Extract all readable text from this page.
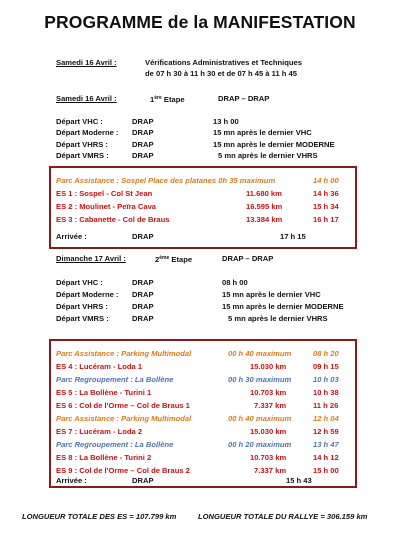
PROGRAMME de la MANIFESTATION
Samedi 16 Avril :	Vérifications Administratives et Techniques
de 07 h 30 à 11 h 30 et de 07 h 45 à 11 h 45
Samedi 16 Avril :	1ère Etape	DRAP – DRAP
Départ VHC :	DRAP	13 h 00
Départ Moderne : DRAP	15 mn après le dernier VHC
Départ VHRS :	DRAP	15 mn après le dernier MODERNE
Départ VMRS :	DRAP	5 mn après le dernier VHRS
Parc Assistance : Sospel Place des platanes 0h 35 maximum	14 h 00
ES 1 : Sospel - Col St Jean	11.680 km	14 h 36
ES 2 : Moulinet - Peïra Cava	16.595 km	15 h 34
ES 3 : Cabanette - Col de Braus	13.384 km	16 h 17
Arrivée :	DRAP	17 h 15
Dimanche 17 Avril :	2ème Etape	DRAP – DRAP
Départ VHC :	DRAP	08 h 00
Départ Moderne : DRAP	15 mn après le dernier VHC
Départ VHRS :	DRAP	15 mn après le dernier MODERNE
Départ VMRS :	DRAP	5 mn après le dernier VHRS
Parc Assistance : Parking Multimodal	00 h 40 maximum	08 h 20
ES 4 : Lucéram - Loda 1	15.030 km	09 h 15
Parc Regroupement : La Bollène	00 h 30 maximum	10 h 03
ES 5 : La Bollène - Turini 1	10.703 km	10 h 38
ES 6 : Col de l'Orme – Col de Braus 1	7.337 km	11 h 26
Parc Assistance : Parking Multimodal	00 h 40 maximum	12 h 04
ES 7 : Lucéram - Loda 2	15.030 km	12 h 59
Parc Regroupement : La Bollène	00 h 20 maximum	13 h 47
ES 8 : La Bollène - Turini 2	10.703 km	14 h 12
ES 9 : Col de l'Orme – Col de Braus 2	7.337 km	15 h 00
Arrivée :	DRAP	15 h 43
LONGUEUR TOTALE DES ES = 107.799 km	LONGUEUR TOTALE DU RALLYE = 306.159 km
